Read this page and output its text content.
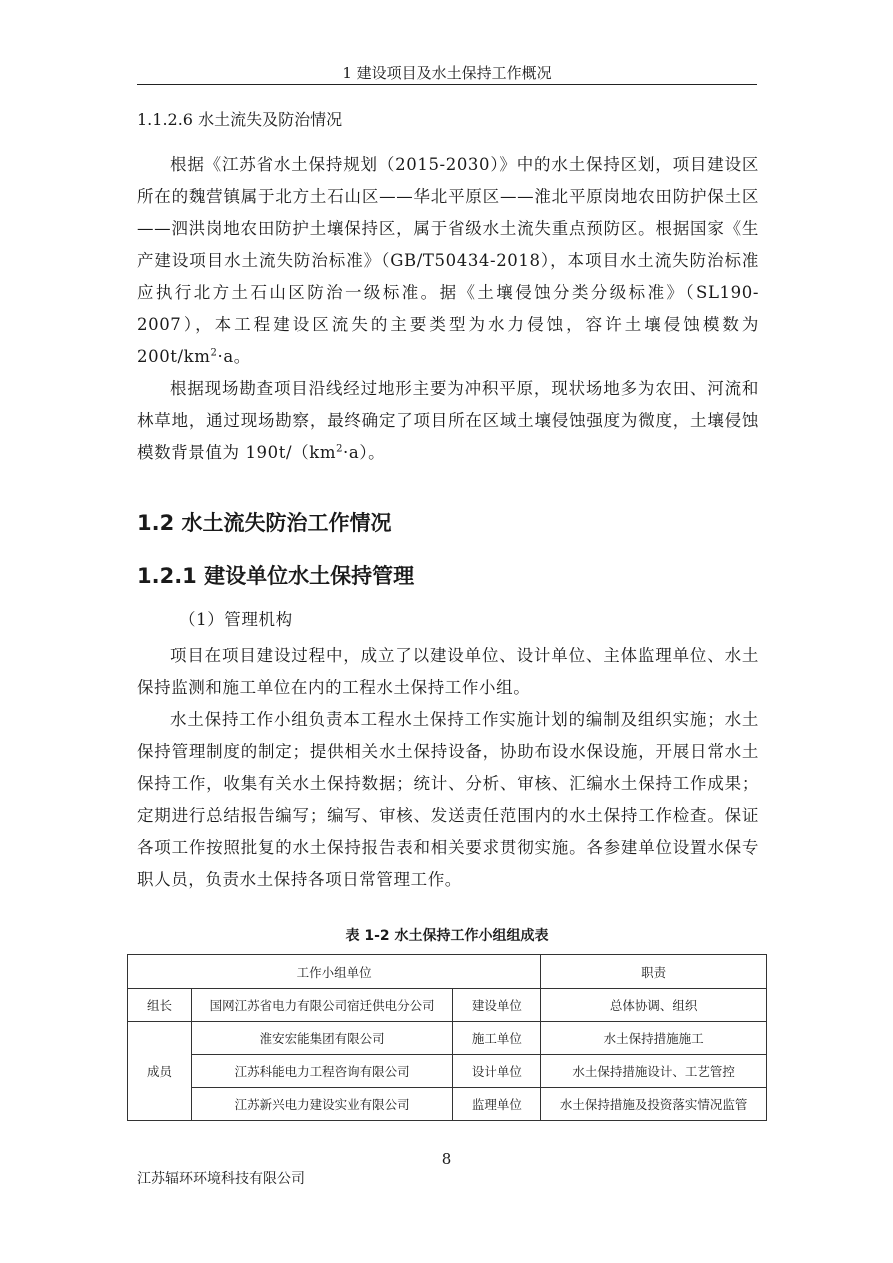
1 建设项目及水土保持工作概况
1.1.2.6 水土流失及防治情况

根据《江苏省水土保持规划（2015-2030）》中的水土保持区划，项目建设区所在的魏营镇属于北方土石山区——华北平原区——淮北平原岗地农田防护保土区——泗洪岗地农田防护土壤保持区，属于省级水土流失重点预防区。根据国家《生产建设项目水土流失防治标准》（GB/T50434-2018），本项目水土流失防治标准应执行北方土石山区防治一级标准。据《土壤侵蚀分类分级标准》（SL190-2007），本工程建设区流失的主要类型为水力侵蚀，容许土壤侵蚀模数为 $200t/km^2\cdot a$。

根据现场勘查项目沿线经过地形主要为冲积平原，现状场地多为农田、河流和林草地，通过现场勘察，最终确定了项目所在区域土壤侵蚀强度为微度，土壤侵蚀模数背景值为 $190t/(km^2\cdot a)$。

1.2 水土流失防治工作情况
1.2.1 建设单位水土保持管理
（1）管理机构

项目在项目建设过程中，成立了以建设单位、设计单位、主体监理单位、水土保持监测和施工单位在内的工程水土保持工作小组。

水土保持工作小组负责本工程水土保持工作实施计划的编制及组织实施；水土保持管理制度的制定；提供相关水土保持设备，协助布设水保设施，开展日常水土保持工作，收集有关水土保持数据；统计、分析、审核、汇编水土保持工作成果；定期进行总结报告编写；编写、审核、发送责任范围内的水土保持工作检查。保证各项工作按照批复的水土保持报告表和相关要求贯彻实施。各参建单位设置水保专职人员，负责水土保持各项日常管理工作。

表 1-2 水土保持工作小组组成表
工作小组单位			职责
组长	国网江苏省电力有限公司宿迁供电分公司	建设单位	总体协调、组织
成员	淮安宏能集团有限公司	施工单位	水土保持措施施工
	江苏科能电力工程咨询有限公司	设计单位	水土保持措施设计、工艺管控
	江苏新兴电力建设实业有限公司	监理单位	水土保持措施及投资落实情况监管
8
江苏辐环环境科技有限公司
